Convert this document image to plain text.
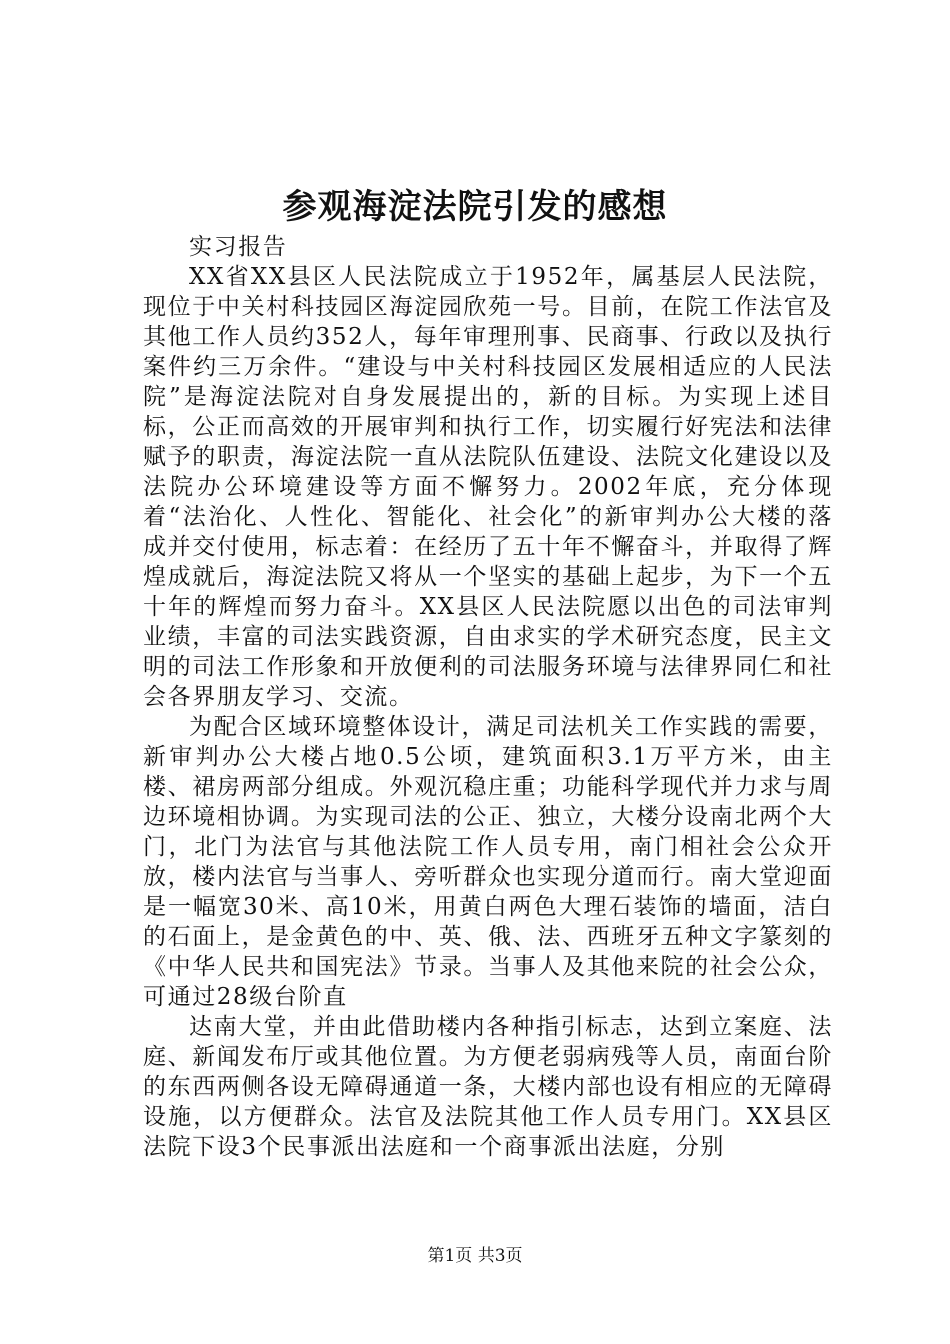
参观海淀法院引发的感想

实习报告

XX省XX县区人民法院成立于1952年，属基层人民法院，现位于中关村科技园区海淀园欣苑一号。目前，在院工作法官及其他工作人员约352人，每年审理刑事、民商事、行政以及执行案件约三万余件。“建设与中关村科技园区发展相适应的人民法院”是海淀法院对自身发展提出的，新的目标。为实现上述目标，公正而高效的开展审判和执行工作，切实履行好宪法和法律赋予的职责，海淀法院一直从法院队伍建设、法院文化建设以及法院办公环境建设等方面不懈努力。2002年底，充分体现着“法治化、人性化、智能化、社会化”的新审判办公大楼的落成并交付使用，标志着：在经历了五十年不懈奋斗，并取得了辉煌成就后，海淀法院又将从一个坚实的基础上起步，为下一个五十年的辉煌而努力奋斗。XX县区人民法院愿以出色的司法审判业绩，丰富的司法实践资源，自由求实的学术研究态度，民主文明的司法工作形象和开放便利的司法服务环境与法律界同仁和社会各界朋友学习、交流。

为配合区域环境整体设计，满足司法机关工作实践的需要，新审判办公大楼占地0.5公顷，建筑面积3.1万平方米，由主楼、裙房两部分组成。外观沉稳庄重；功能科学现代并力求与周边环境相协调。为实现司法的公正、独立，大楼分设南北两个大门，北门为法官与其他法院工作人员专用，南门相社会公众开放，楼内法官与当事人、旁听群众也实现分道而行。南大堂迎面是一幅宽30米、高10米，用黄白两色大理石装饰的墙面，洁白的石面上，是金黄色的中、英、俄、法、西班牙五种文字篆刻的《中华人民共和国宪法》节录。当事人及其他来院的社会公众，可通过28级台阶直

达南大堂，并由此借助楼内各种指引标志，达到立案庭、法庭、新闻发布厅或其他位置。为方便老弱病残等人员，南面台阶的东西两侧各设无障碍通道一条，大楼内部也设有相应的无障碍设施，以方便群众。法官及法院其他工作人员专用门。XX县区法院下设3个民事派出法庭和一个商事派出法庭，分别

第1页 共3页
